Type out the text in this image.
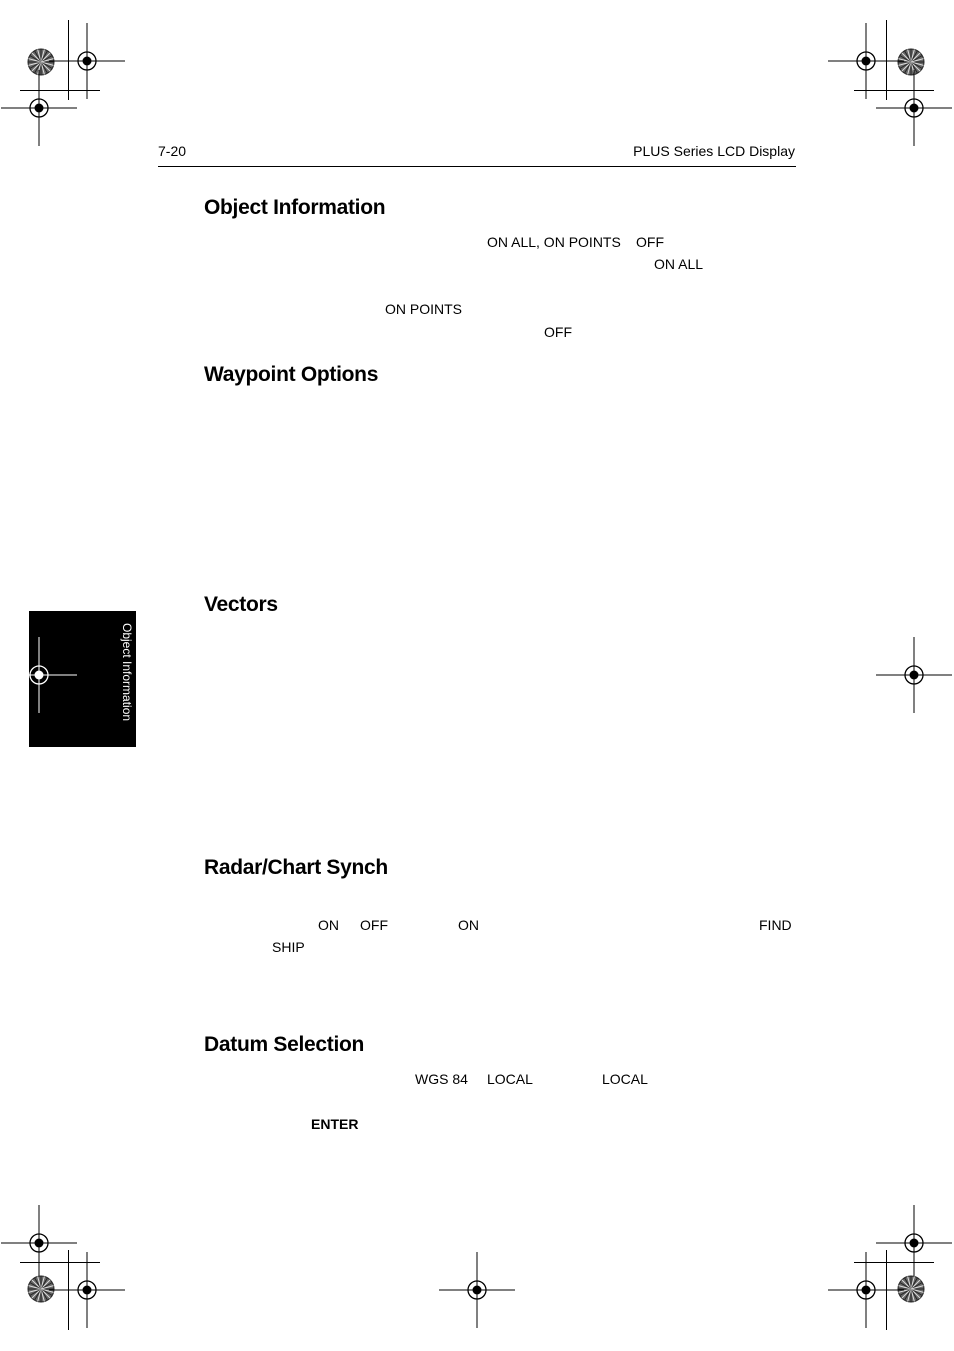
7-20	PLUS Series LCD Display
Object Information
ON ALL, ON POINTS OFF
ON ALL
ON POINTS
OFF
Waypoint Options
Vectors
Radar/Chart Synch
ON OFF	ON	FIND
SHIP
Datum Selection
WGS 84 LOCAL	LOCAL
ENTER
Object Information
